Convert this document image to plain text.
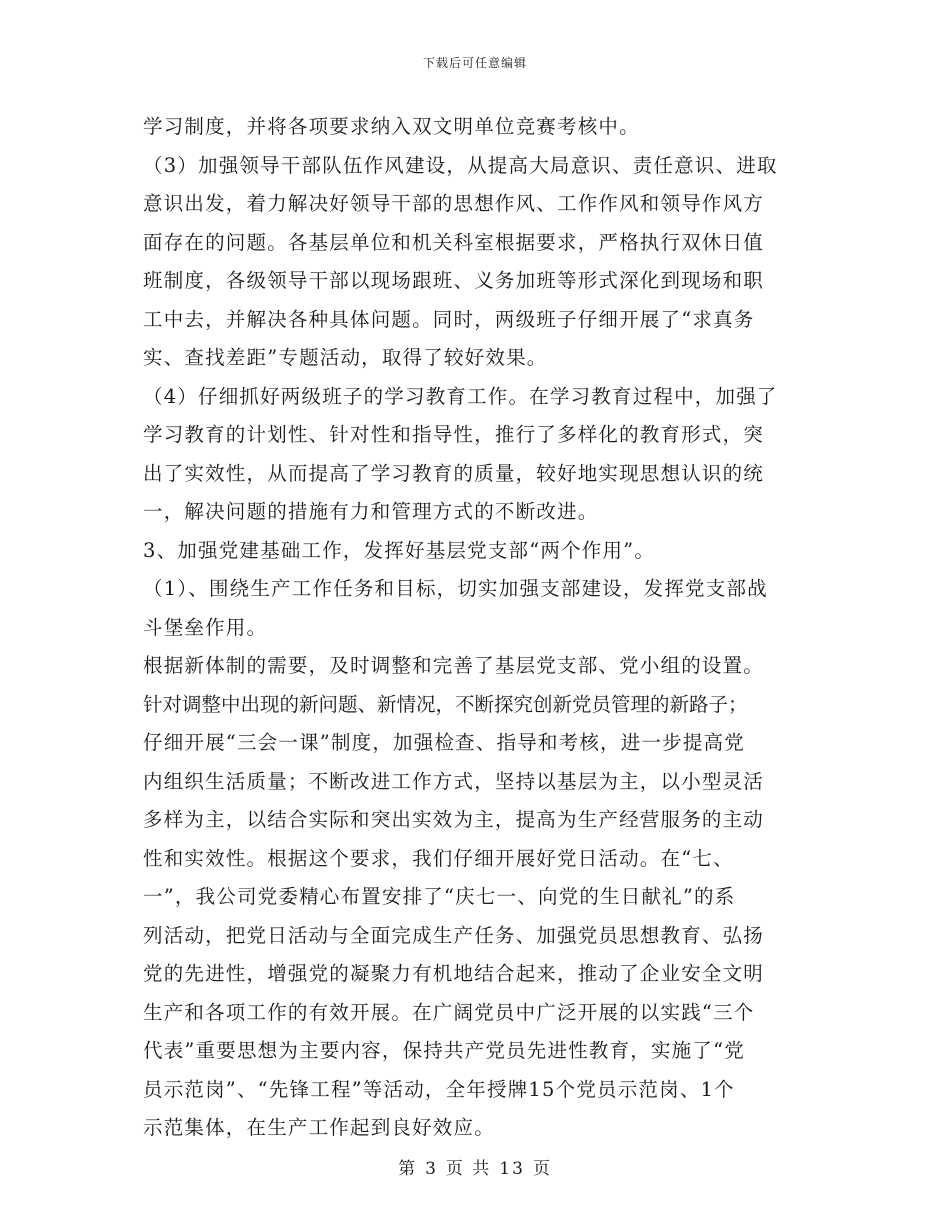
下载后可任意编辑
学习制度，并将各项要求纳入双文明单位竞赛考核中。
（3）加强领导干部队伍作风建设，从提高大局意识、责任意识、进取
意识出发，着力解决好领导干部的思想作风、工作作风和领导作风方
面存在的问题。各基层单位和机关科室根据要求，严格执行双休日值
班制度，各级领导干部以现场跟班、义务加班等形式深化到现场和职
工中去，并解决各种具体问题。同时，两级班子仔细开展了“求真务
实、查找差距”专题活动，取得了较好效果。
（4）仔细抓好两级班子的学习教育工作。在学习教育过程中，加强了
学习教育的计划性、针对性和指导性，推行了多样化的教育形式，突
出了实效性，从而提高了学习教育的质量，较好地实现思想认识的统
一，解决问题的措施有力和管理方式的不断改进。
3、加强党建基础工作，发挥好基层党支部“两个作用”。
（1）、围绕生产工作任务和目标，切实加强支部建设，发挥党支部战
斗堡垒作用。
根据新体制的需要，及时调整和完善了基层党支部、党小组的设置。
针对调整中出现的新问题、新情况，不断探究创新党员管理的新路子；
仔细开展“三会一课”制度，加强检查、指导和考核，进一步提高党
内组织生活质量；不断改进工作方式，坚持以基层为主，以小型灵活
多样为主，以结合实际和突出实效为主，提高为生产经营服务的主动
性和实效性。根据这个要求，我们仔细开展好党日活动。在“七、
一”，我公司党委精心布置安排了“庆七一、向党的生日献礼”的系
列活动，把党日活动与全面完成生产任务、加强党员思想教育、弘扬
党的先进性，增强党的凝聚力有机地结合起来，推动了企业安全文明
生产和各项工作的有效开展。在广阔党员中广泛开展的以实践“三个
代表”重要思想为主要内容，保持共产党员先进性教育，实施了“党
员示范岗”、“先锋工程”等活动，全年授牌15个党员示范岗、1个
示范集体，在生产工作起到良好效应。
第 3 页 共 13 页
